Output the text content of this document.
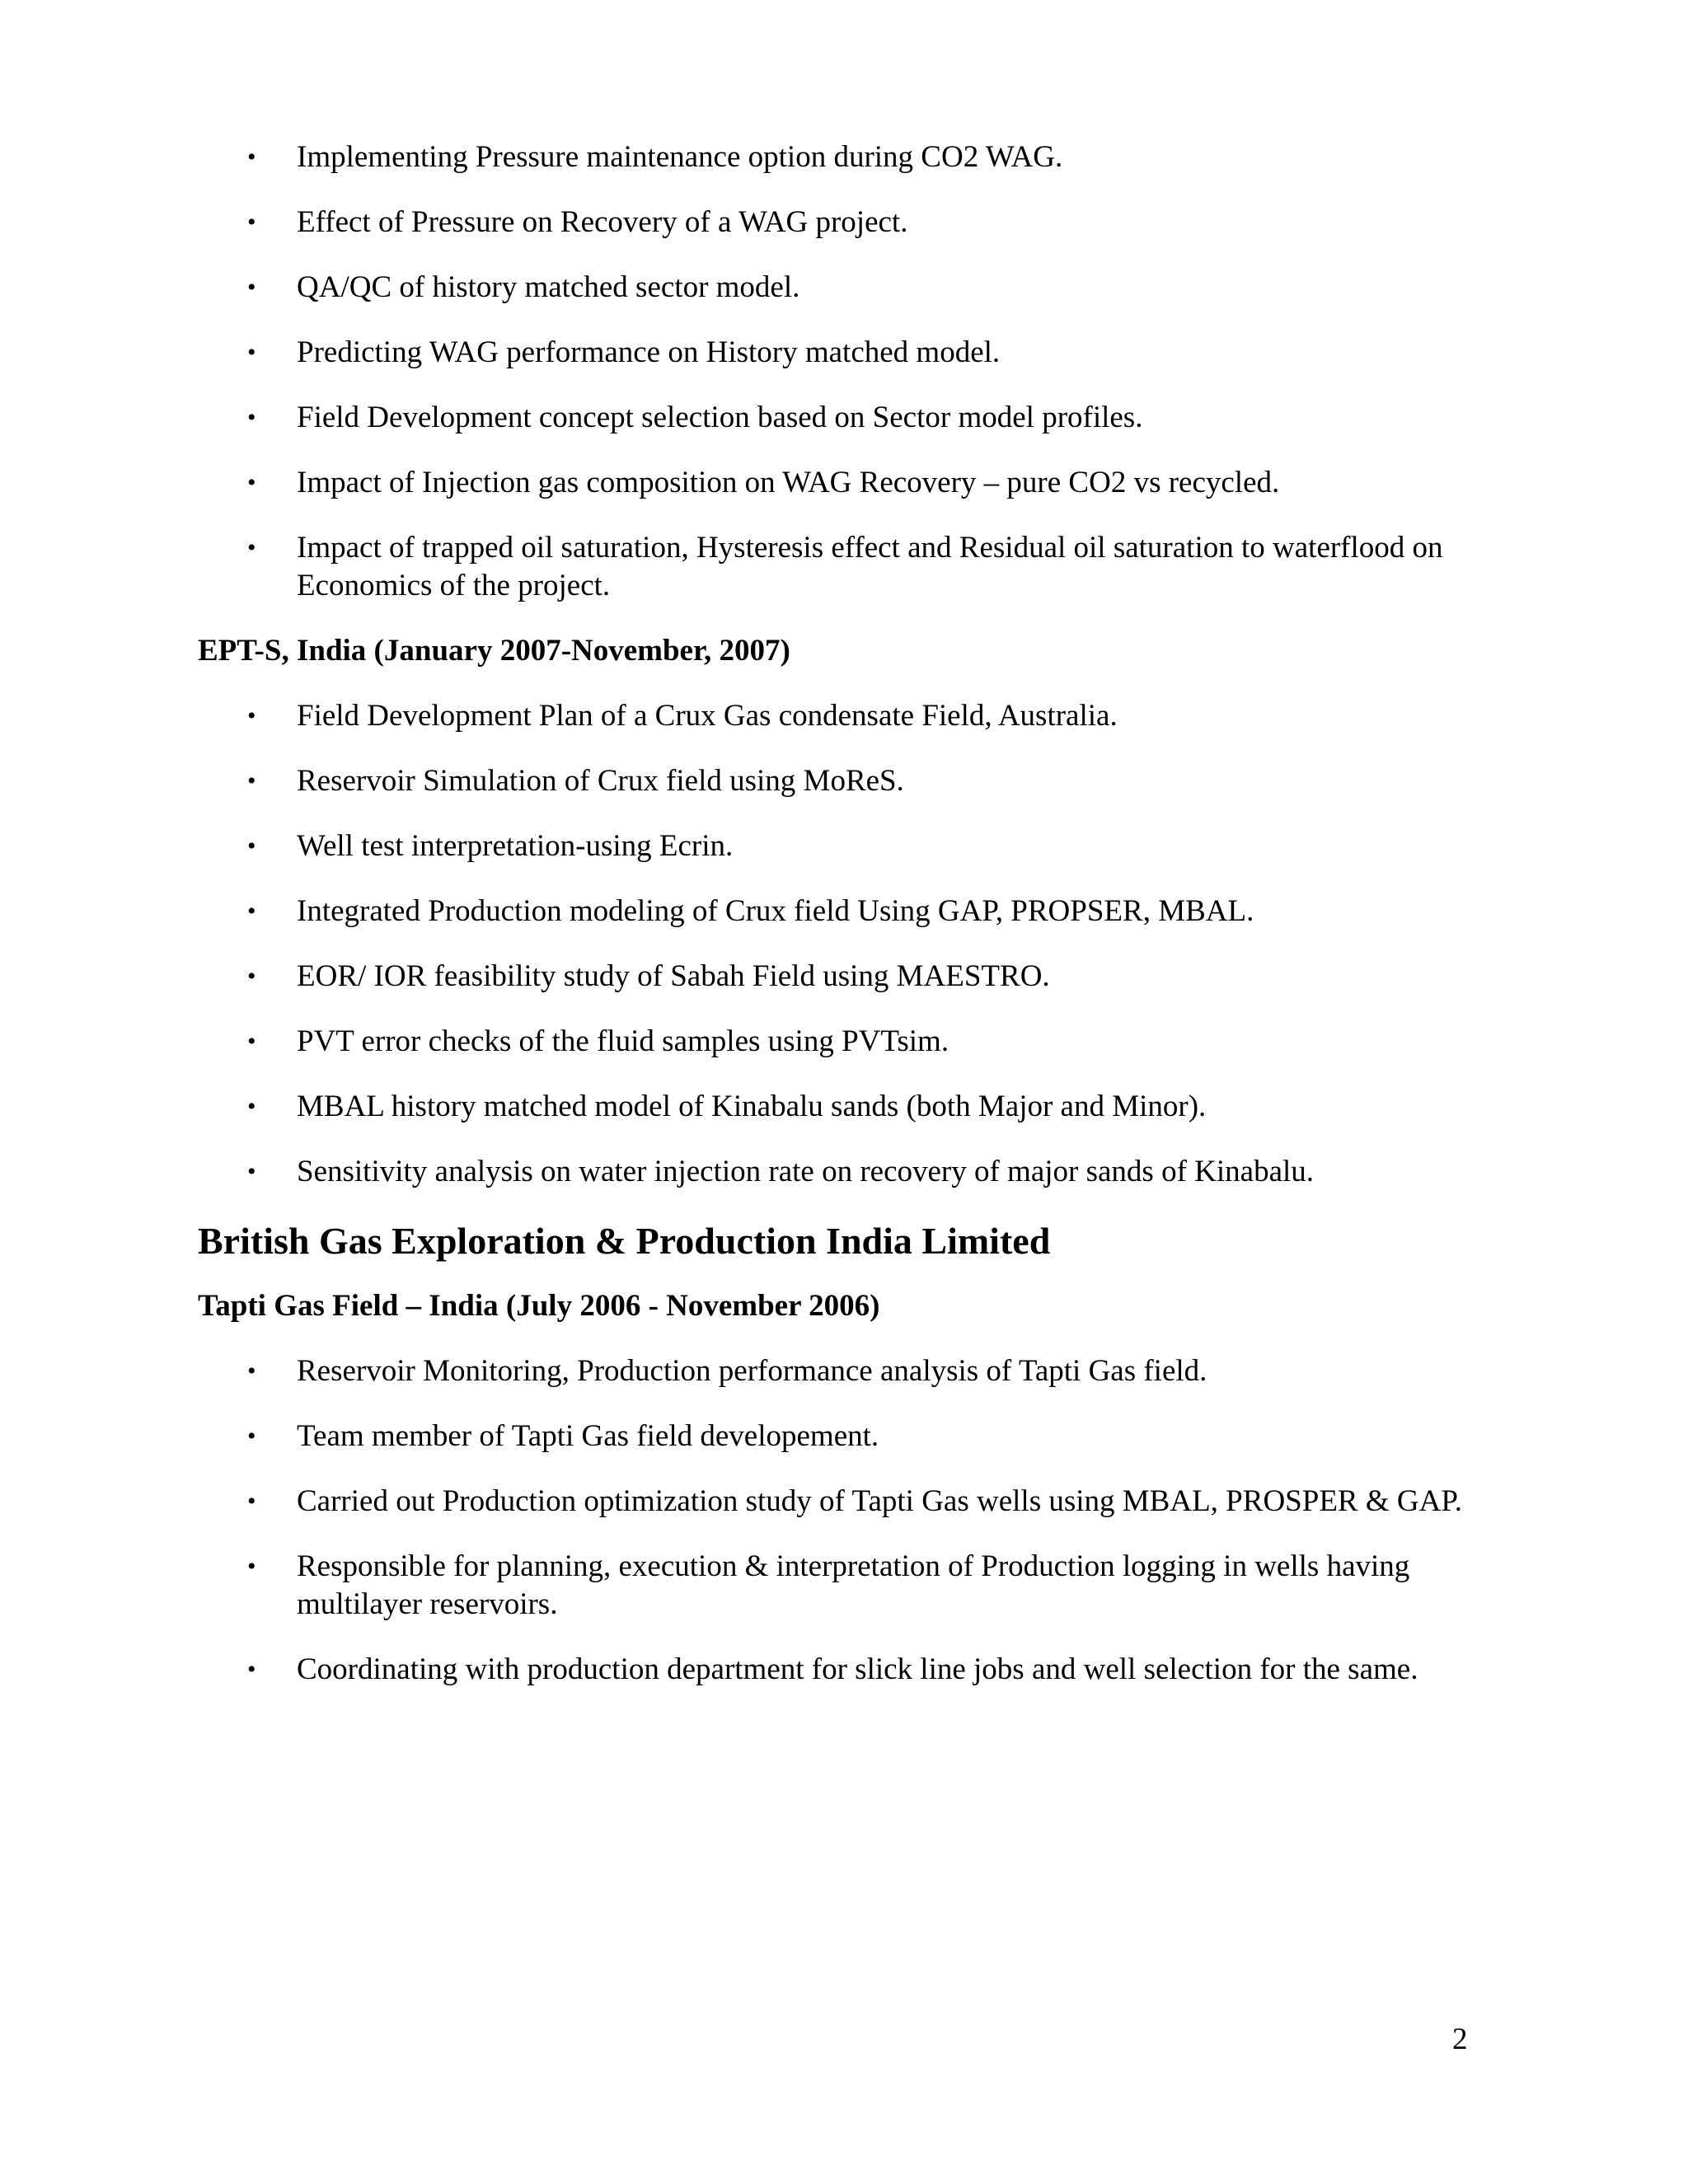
• Implementing Pressure maintenance option during CO2 WAG.
• Effect of Pressure on Recovery of a WAG project.
• QA/QC of history matched sector model.
• Predicting WAG performance on History matched model.
• Field Development concept selection based on Sector model profiles.
• Impact of Injection gas composition on WAG Recovery – pure CO2 vs recycled.
• Impact of trapped oil saturation, Hysteresis effect and Residual oil saturation to waterflood on Economics of the project.
EPT-S, India (January 2007-November, 2007)
• Field Development Plan of a Crux Gas condensate Field, Australia.
• Reservoir Simulation of Crux field using MoReS.
• Well test interpretation-using Ecrin.
• Integrated Production modeling of Crux field Using GAP, PROPSER, MBAL.
• EOR/ IOR feasibility study of Sabah Field using MAESTRO.
• PVT error checks of the fluid samples using PVTsim.
• MBAL history matched model of Kinabalu sands (both Major and Minor).
• Sensitivity analysis on water injection rate on recovery of major sands of Kinabalu.
British Gas Exploration & Production India Limited
Tapti Gas Field – India (July 2006 - November 2006)
• Reservoir Monitoring, Production performance analysis of Tapti Gas field.
• Team member of Tapti Gas field developement.
• Carried out Production optimization study of Tapti Gas wells using MBAL, PROSPER & GAP.
• Responsible for planning, execution & interpretation of Production logging in wells having multilayer reservoirs.
• Coordinating with production department for slick line jobs and well selection for the same.
2
